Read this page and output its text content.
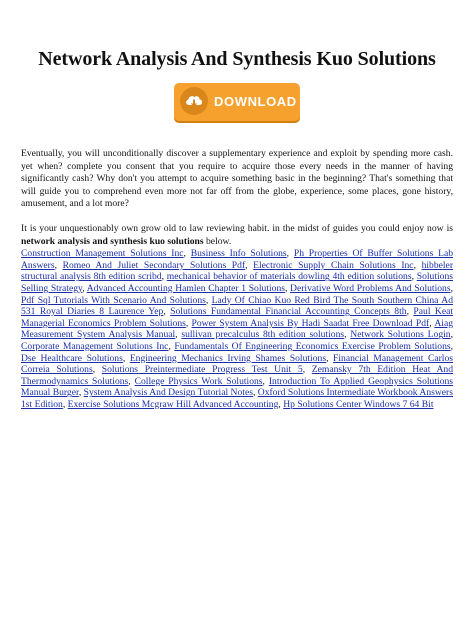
Network Analysis And Synthesis Kuo Solutions
DOWNLOAD

Eventually, you will unconditionally discover a supplementary experience and exploit by spending more cash. yet when? complete you consent that you require to acquire those every needs in the manner of having significantly cash? Why don't you attempt to acquire something basic in the beginning? That's something that will guide you to comprehend even more not far off from the globe, experience, some places, gone history, amusement, and a lot more?

It is your unquestionably own grow old to law reviewing habit. in the midst of guides you could enjoy now is network analysis and synthesis kuo solutions below.

Construction Management Solutions Inc, Business Info Solutions, Ph Properties Of Buffer Solutions Lab Answers, Romeo And Juliet Secondary Solutions Pdf, Electronic Supply Chain Solutions Inc, hibbeler structural analysis 8th edition scribd, mechanical behavior of materials dowling 4th edition solutions, Solutions Selling Strategy, Advanced Accounting Hamlen Chapter 1 Solutions, Derivative Word Problems And Solutions, Pdf Sql Tutorials With Scenario And Solutions, Lady Of Chiao Kuo Red Bird The South Southern China Ad 531 Royal Diaries 8 Laurence Yep, Solutions Fundamental Financial Accounting Concepts 8th, Paul Keat Managerial Economics Problem Solutions, Power System Analysis By Hadi Saadat Free Download Pdf, Aiag Measurement System Analysis Manual, sullivan precalculus 8th edition solutions, Network Solutions Login, Corporate Management Solutions Inc, Fundamentals Of Engineering Economics Exercise Problem Solutions, Dse Healthcare Solutions, Engineering Mechanics Irving Shames Solutions, Financial Management Carlos Correia Solutions, Solutions Preintermediate Progress Test Unit 5, Zemansky 7th Edition Heat And Thermodynamics Solutions, College Physics Work Solutions, Introduction To Applied Geophysics Solutions Manual Burger, System Analysis And Design Tutorial Notes, Oxford Solutions Intermediate Workbook Answers 1st Edition, Exercise Solutions Mcgraw Hill Advanced Accounting, Hp Solutions Center Windows 7 64 Bit
